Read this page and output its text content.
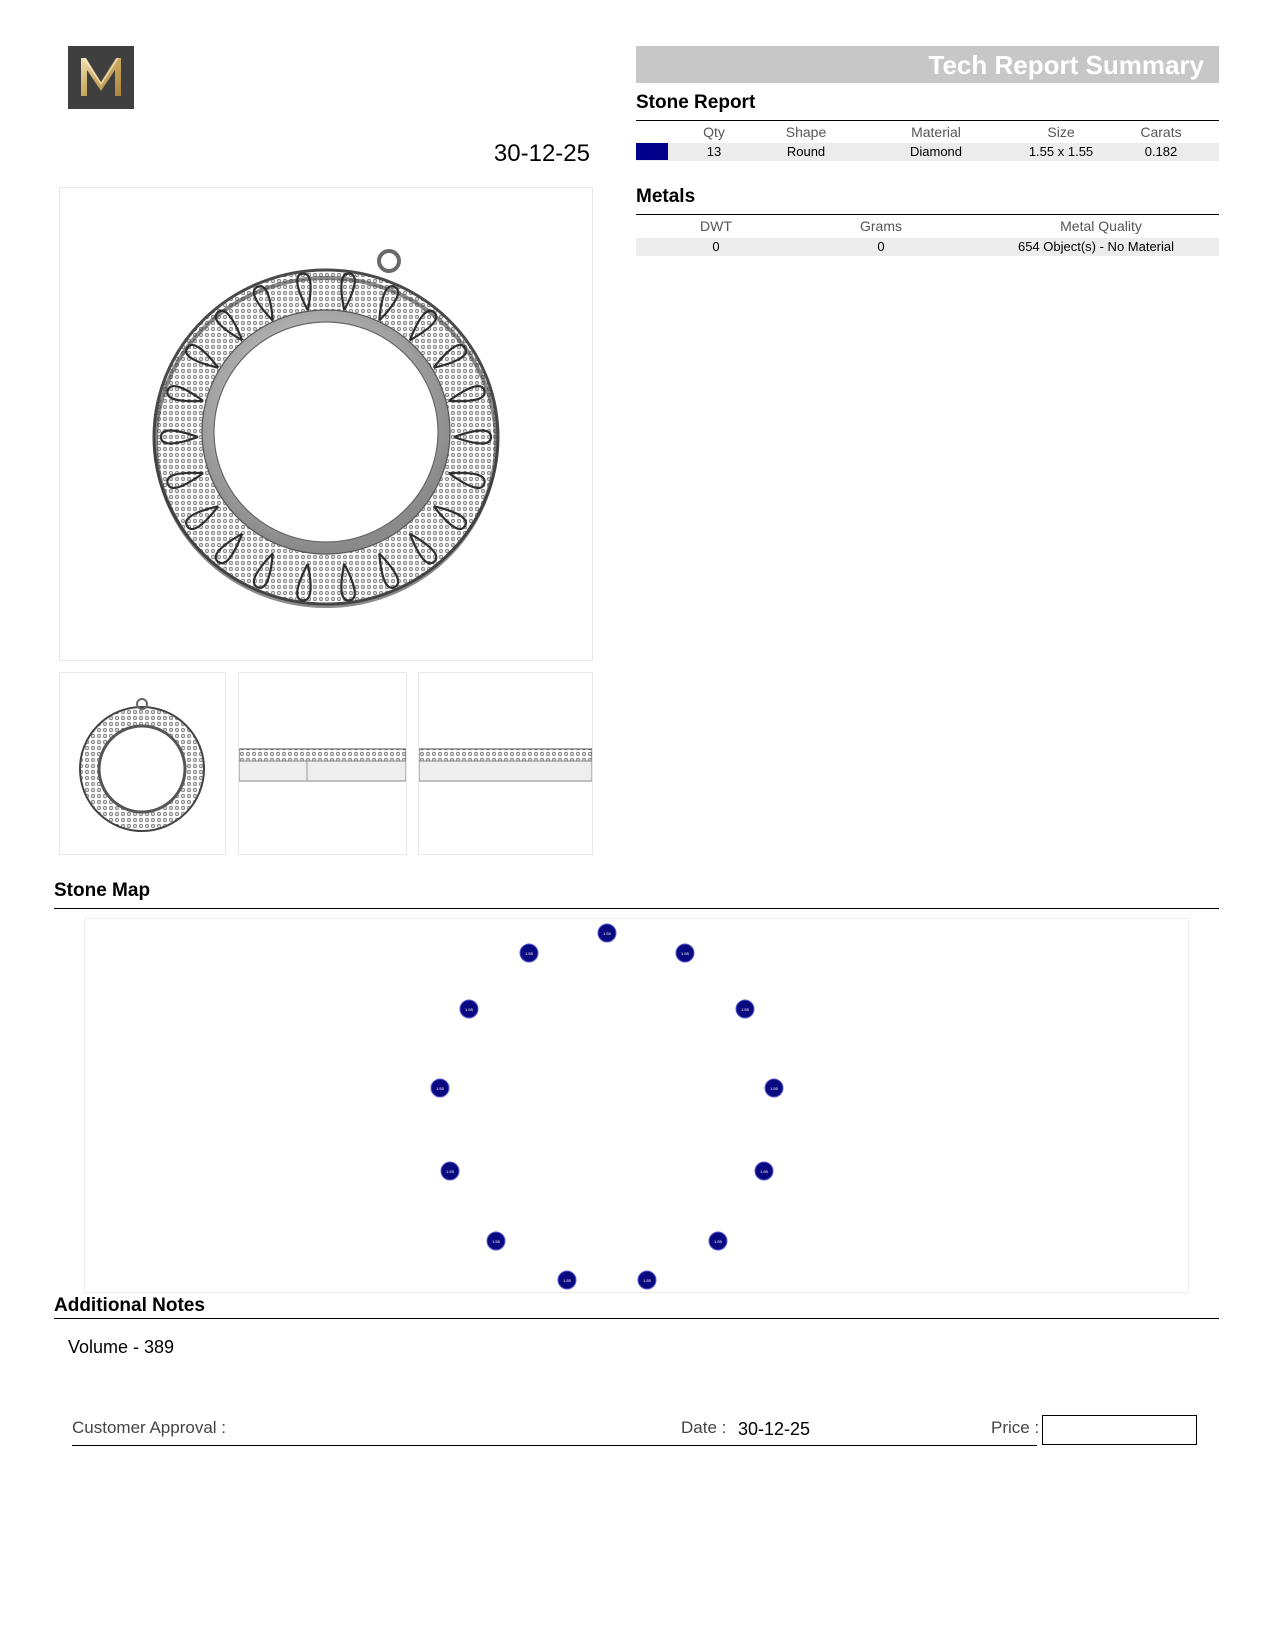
30-12-25
Tech Report Summary
Stone Report
Qty	Shape	Material	Size	Carats
13	Round	Diamond	1.55 x 1.55	0.182
Metals
DWT	Grams	Metal Quality
0	0	654 Object(s) - No Material
Stone Map
1.55
1.55
1.55
1.55
1.55
1.55
1.55
1.55
1.55
1.55
1.55
1.55
1.55
Additional Notes
Volume - 389
Customer Approval :	Date : 30-12-25	Price :
